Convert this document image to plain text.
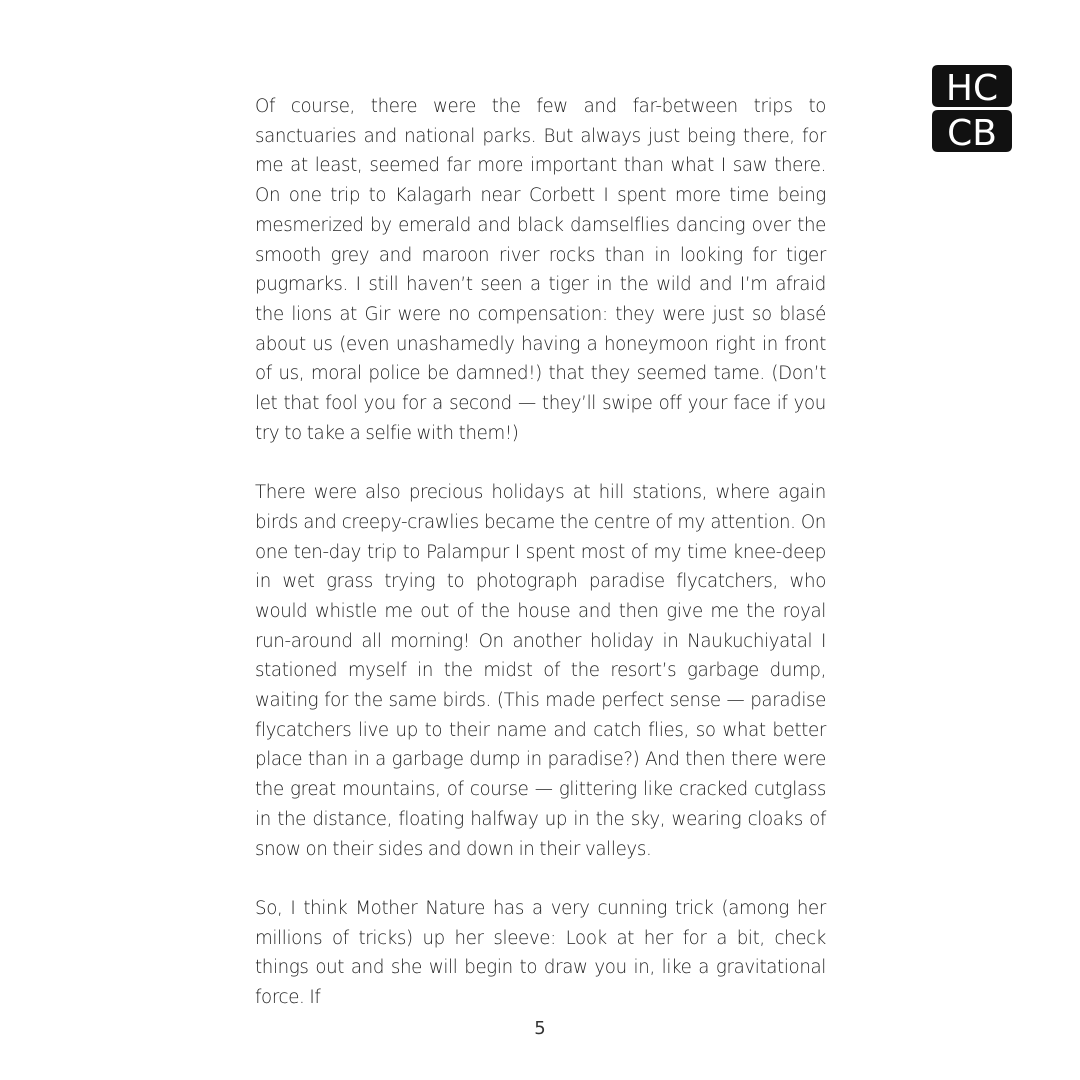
HC
CB

Of course, there were the few and far-between trips to sanctuaries and national parks. But always just being there, for me at least, seemed far more important than what I saw there. On one trip to Kalagarh near Corbett I spent more time being mesmerized by emerald and black damselflies dancing over the smooth grey and maroon river rocks than in looking for tiger pugmarks. I still haven’t seen a tiger in the wild and I’m afraid the lions at Gir were no compensation: they were just so blasé about us (even unashamedly having a honeymoon right in front of us, moral police be damned!) that they seemed tame. (Don’t let that fool you for a second — they’ll swipe off your face if you try to take a selfie with them!)

There were also precious holidays at hill stations, where again birds and creepy-crawlies became the centre of my attention. On one ten-day trip to Palampur I spent most of my time knee-deep in wet grass trying to photograph paradise flycatchers, who would whistle me out of the house and then give me the royal run-around all morning! On another holiday in Naukuchiyatal I stationed myself in the midst of the resort’s garbage dump, waiting for the same birds. (This made perfect sense — paradise flycatchers live up to their name and catch flies, so what better place than in a garbage dump in paradise?) And then there were the great mountains, of course — glittering like cracked cutglass in the distance, floating halfway up in the sky, wearing cloaks of snow on their sides and down in their valleys.

So, I think Mother Nature has a very cunning trick (among her millions of tricks) up her sleeve: Look at her for a bit, check things out and she will begin to draw you in, like a gravitational force. If

5
